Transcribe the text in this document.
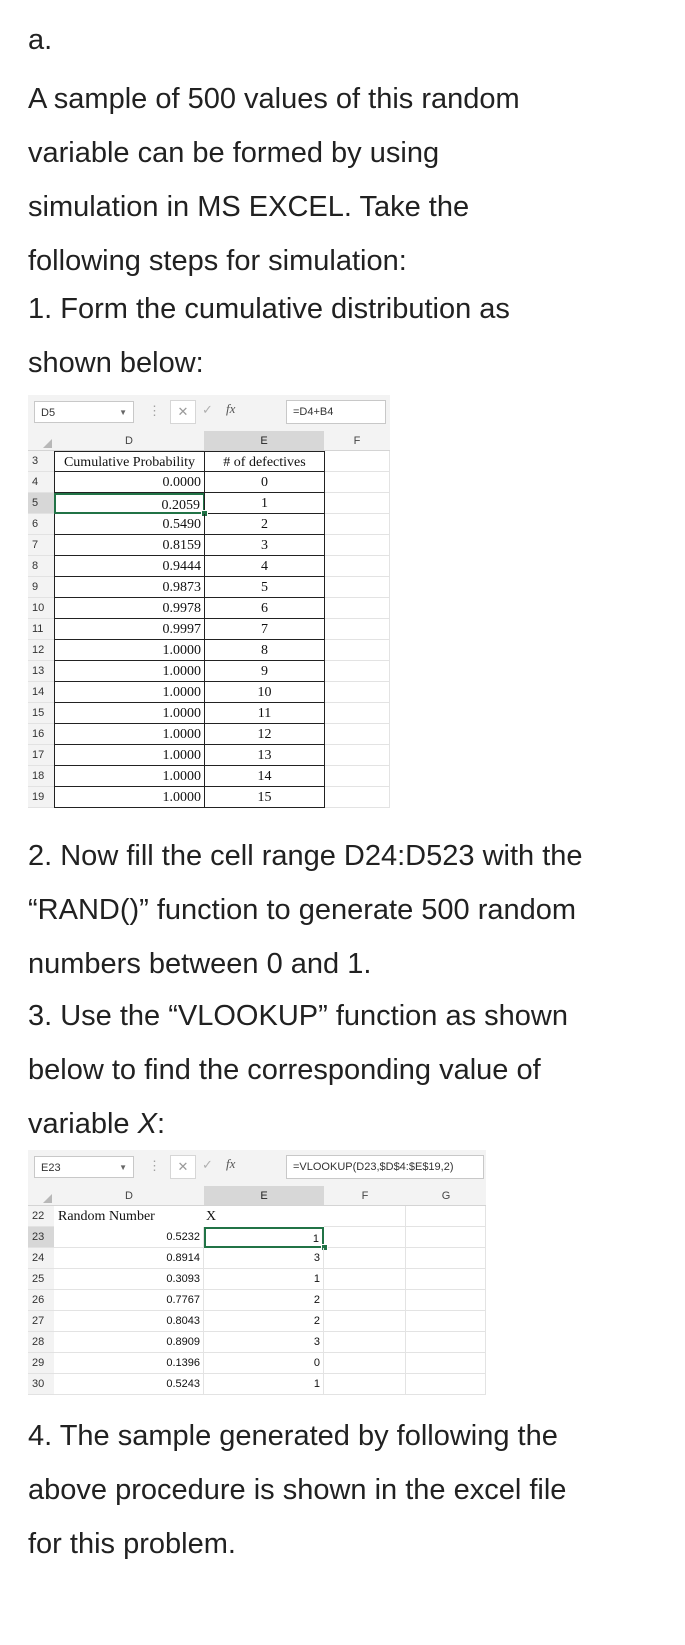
a.

A sample of 500 values of this random
variable can be formed by using
simulation in MS EXCEL. Take the
following steps for simulation:

1. Form the cumulative distribution as
shown below:

D5	▼ ⋮	✕	✓ fx	=D4+B4
D	E	F
3	Cumulative Probability	# of defectives
4	0.0000	0
5	0.2059	1
6	0.5490	2
7	0.8159	3
8	0.9444	4
9	0.9873	5
10	0.9978	6
11	0.9997	7
12	1.0000	8
13	1.0000	9
14	1.0000	10
15	1.0000	11
16	1.0000	12
17	1.0000	13
18	1.0000	14
19	1.0000	15

2. Now fill the cell range D24:D523 with the
“RAND()” function to generate 500 random
numbers between 0 and 1.

3. Use the “VLOOKUP” function as shown
below to find the corresponding value of
variable X:

E23	▼ ⋮	✕	✓ fx	=VLOOKUP(D23,$D$4:$E$19,2)
D	E	F	G
22 Random Number	X
23	0.5232	1
24	0.8914	3
25	0.3093	1
26	0.7767	2
27	0.8043	2
28	0.8909	3
29	0.1396	0
30	0.5243	1

4. The sample generated by following the
above procedure is shown in the excel file
for this problem.
